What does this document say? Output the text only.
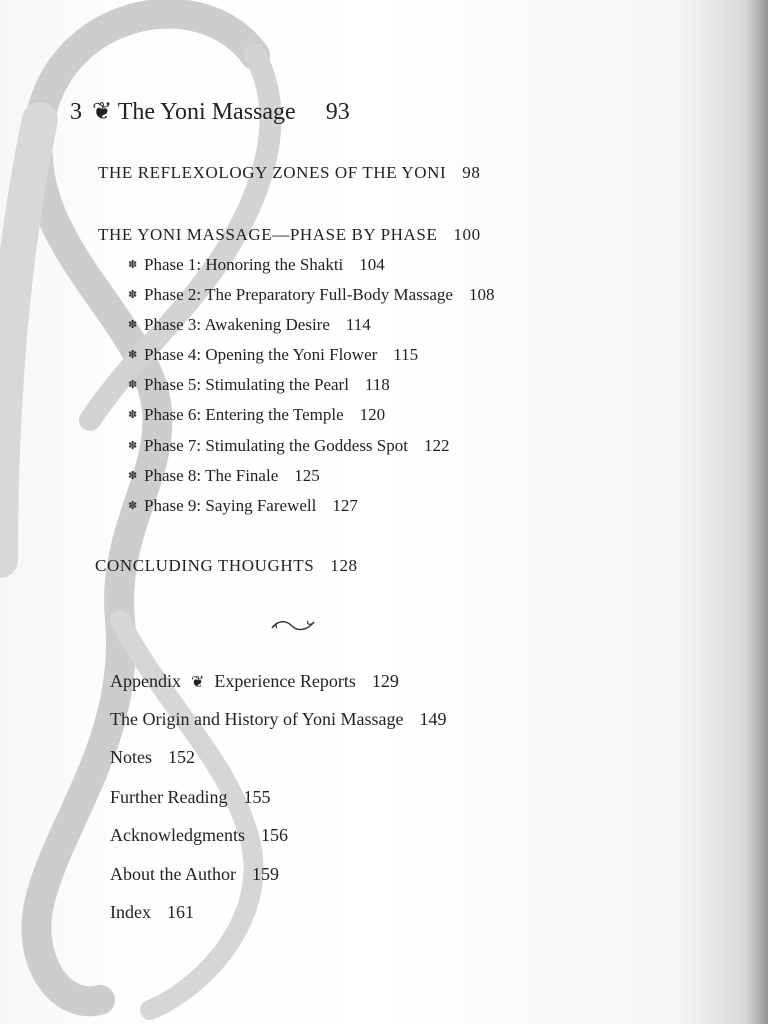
3 ❦ The Yoni Massage 93
THE REFLEXOLOGY ZONES OF THE YONI 98
THE YONI MASSAGE—PHASE BY PHASE 100
✽ Phase 1: Honoring the Shakti 104
✽ Phase 2: The Preparatory Full-Body Massage 108
✽ Phase 3: Awakening Desire 114
✽ Phase 4: Opening the Yoni Flower 115
✽ Phase 5: Stimulating the Pearl 118
✽ Phase 6: Entering the Temple 120
✽ Phase 7: Stimulating the Goddess Spot 122
✽ Phase 8: The Finale 125
✽ Phase 9: Saying Farewell 127
CONCLUDING THOUGHTS 128
Appendix ❦ Experience Reports 129
The Origin and History of Yoni Massage 149
Notes 152
Further Reading 155
Acknowledgments 156
About the Author 159
Index 161
